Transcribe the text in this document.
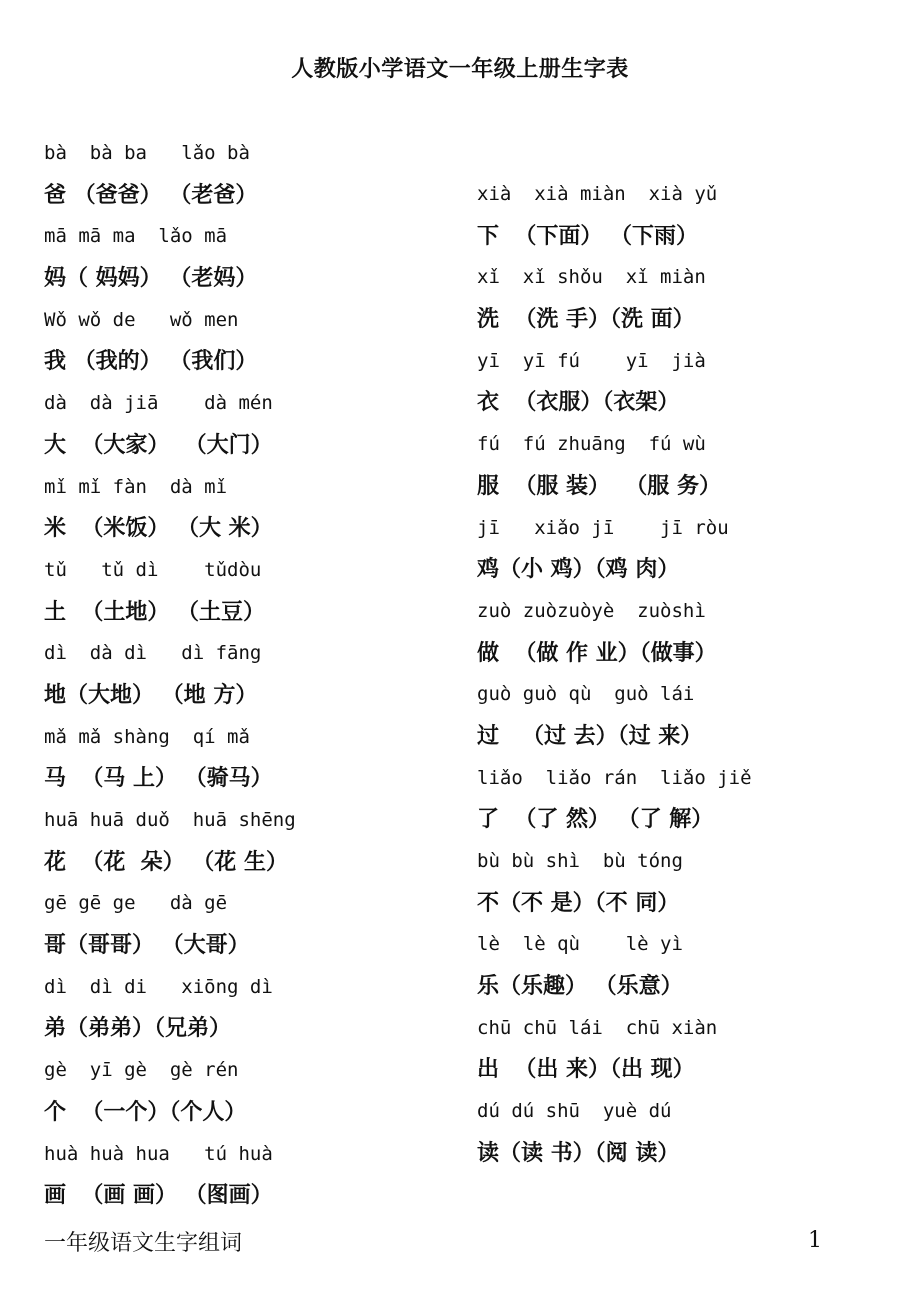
人教版小学语文一年级上册生字表
bà  bà ba   lǎo bà
爸 （爸爸） （老爸）
mā mā ma  lǎo mā
妈（ 妈妈） （老妈）
Wǒ wǒ de   wǒ men
我 （我的） （我们）
dà  dà jiā    dà mén
大  （大家）  （大门）
mǐ mǐ fàn  dà mǐ
米  （米饭） （大 米）
tǔ   tǔ dì    tǔdòu
土  （土地） （土豆）
dì  dà dì   dì fāng
地（大地） （地 方）
mǎ mǎ shàng  qí mǎ
马  （马 上） （骑马）
huā huā duǒ  huā shēng
花  （花  朵） （花 生）
gē gē ge   dà gē
哥（哥哥） （大哥）
dì  dì di   xiōng dì
弟（弟弟）（兄弟）
gè  yī gè  gè rén
个  （一个）（个人）
huà huà hua   tú huà
画  （画 画） （图画）
xià  xià miàn  xià yǔ
下  （下面） （下雨）
xǐ  xǐ shǒu  xǐ miàn
洗  （洗 手）（洗 面）
yī  yī fú    yī  jià
衣  （衣服）（衣架）
fú  fú zhuāng  fú wù
服  （服 装）  （服 务）
jī   xiǎo jī    jī ròu
鸡（小 鸡）（鸡 肉）
zuò zuòzuòyè  zuòshì
做  （做 作 业）（做事）
guò guò qù  guò lái
过   （过 去）（过 来）
liǎo  liǎo rán  liǎo jiě
了  （了 然） （了 解）
bù bù shì  bù tóng
不（不 是）（不 同）
lè  lè qù    lè yì
乐（乐趣） （乐意）
chū chū lái  chū xiàn
出  （出 来）（出 现）
dú dú shū  yuè dú
读（读 书）（阅 读）
一年级语文生字组词	1
